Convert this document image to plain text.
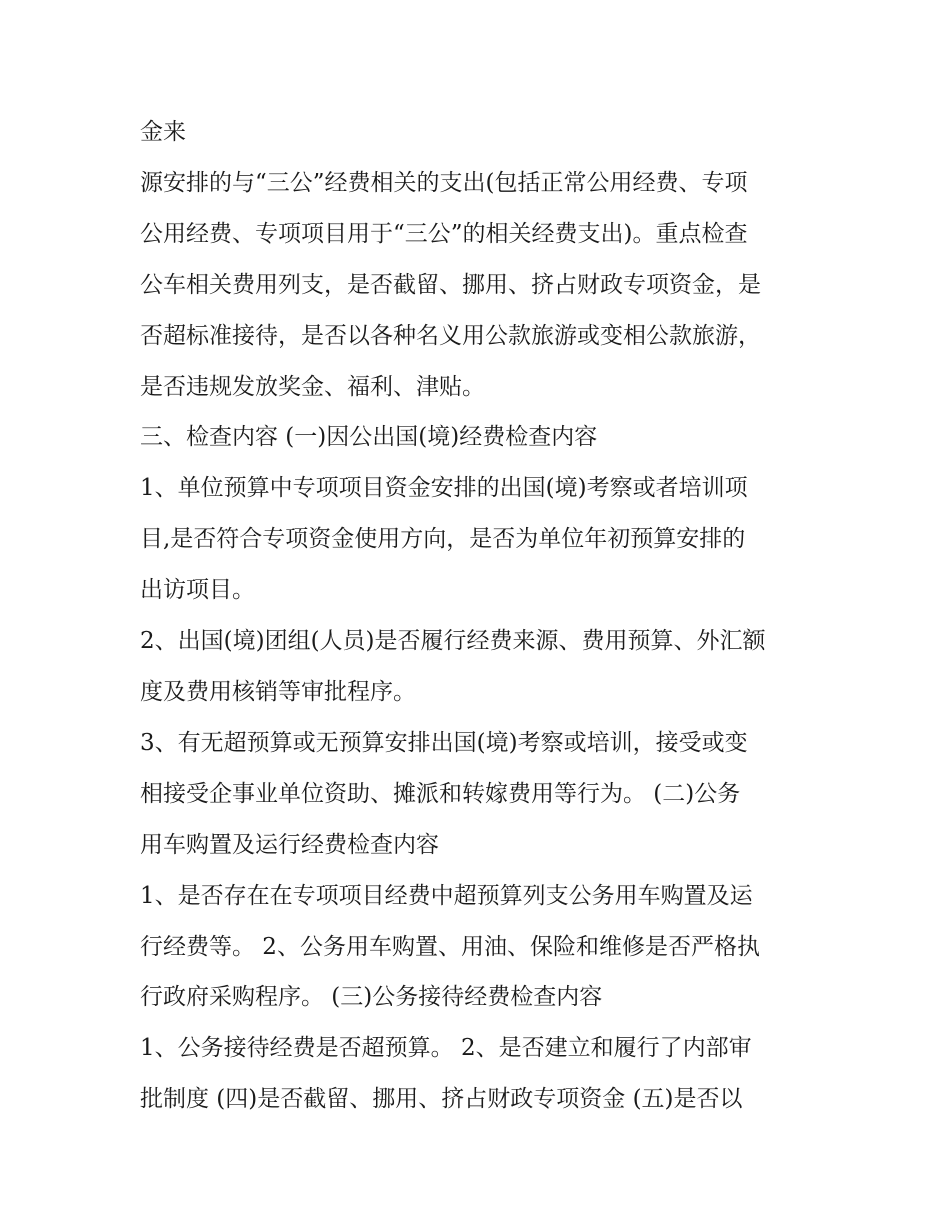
金来
源安排的与“三公”经费相关的支出(包括正常公用经费、专项
公用经费、专项项目用于“三公”的相关经费支出)。重点检查
公车相关费用列支，是否截留、挪用、挤占财政专项资金，是
否超标准接待，是否以各种名义用公款旅游或变相公款旅游，
是否违规发放奖金、福利、津贴。
三、检查内容 (一)因公出国(境)经费检查内容
1、单位预算中专项项目资金安排的出国(境)考察或者培训项
目,是否符合专项资金使用方向，是否为单位年初预算安排的
出访项目。
2、出国(境)团组(人员)是否履行经费来源、费用预算、外汇额
度及费用核销等审批程序。
3、有无超预算或无预算安排出国(境)考察或培训，接受或变
相接受企事业单位资助、摊派和转嫁费用等行为。 (二)公务
用车购置及运行经费检查内容
1、是否存在在专项项目经费中超预算列支公务用车购置及运
行经费等。 2、公务用车购置、用油、保险和维修是否严格执
行政府采购程序。 (三)公务接待经费检查内容
1、公务接待经费是否超预算。 2、是否建立和履行了内部审
批制度 (四)是否截留、挪用、挤占财政专项资金 (五)是否以
